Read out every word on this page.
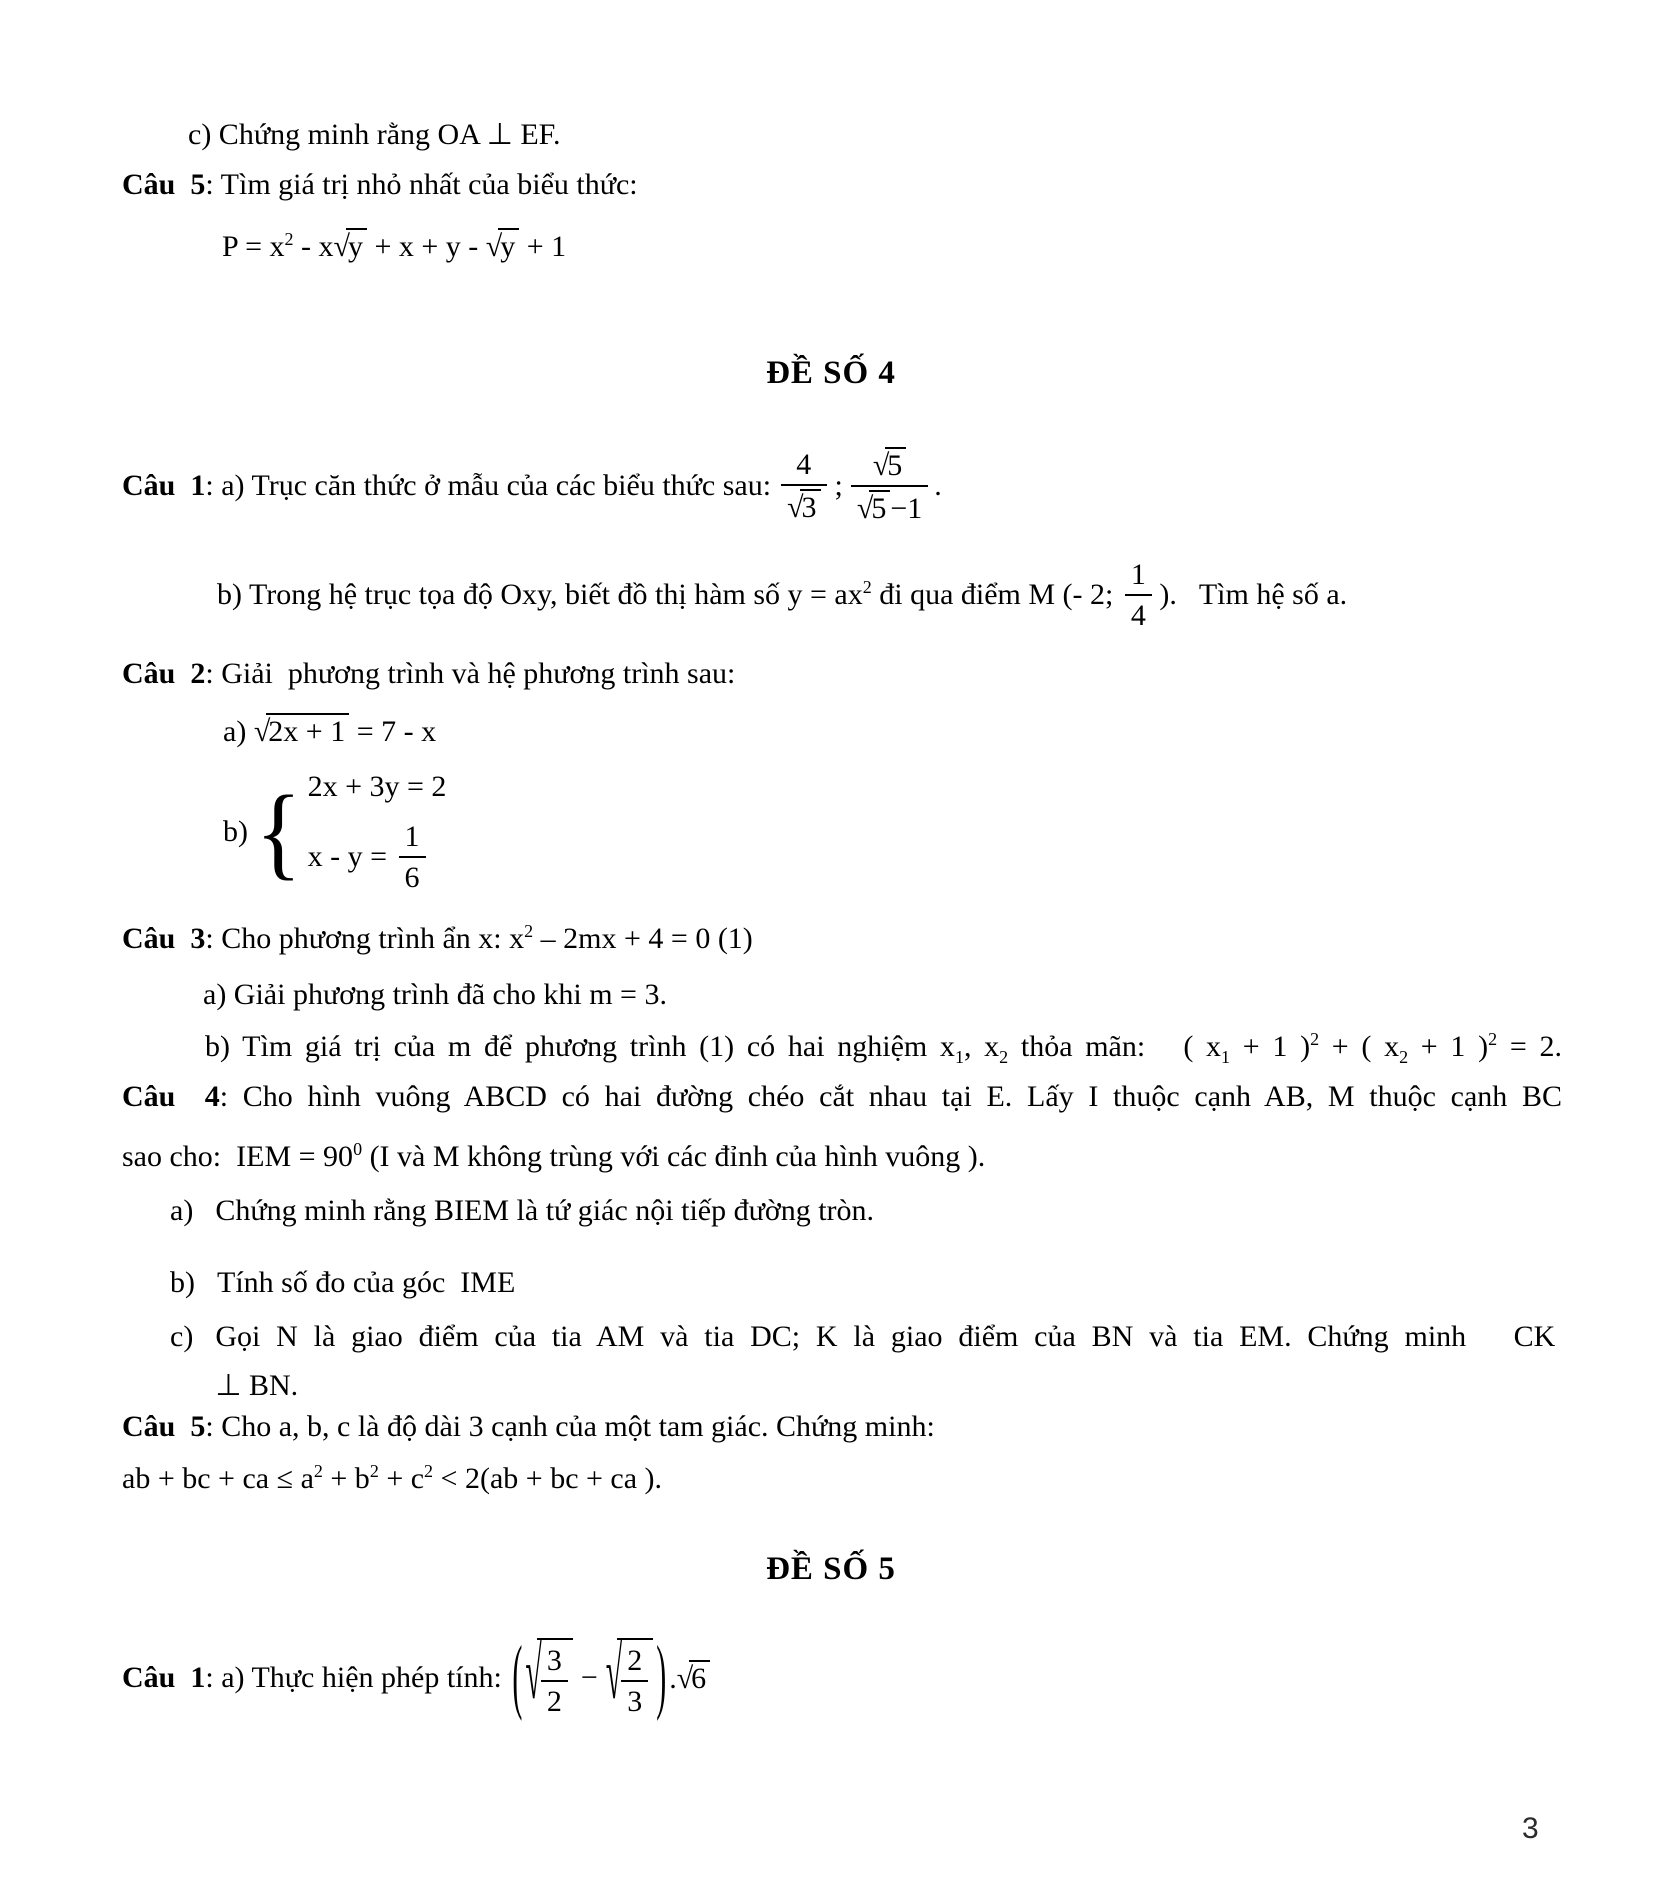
c) Chứng minh rằng OA ⊥ EF.
Câu  5: Tìm giá trị nhỏ nhất của biểu thức:
$P = x^2 - x√y + x + y - √y + 1$
ĐỀ SỐ 4
Câu  1: a) Trục căn thức ở mẫu của các biểu thức sau: $\frac{4}{√3}$ ; $\frac{√5}{√5 -1}$ .
b) Trong hệ trục tọa độ Oxy, biết đồ thị hàm số $y = ax^2$ đi qua điểm M (- 2; $\frac{1}{4}$ ).   Tìm hệ số a.
Câu  2: Giải  phương trình và hệ phương trình sau:
a) √2x + 1 = 7 - x
b) { 2x + 3y = 2
$x - y = \frac{1}{6}$
Câu  3: Cho phương trình ẩn x: $x^2 - 2mx + 4 = 0$ (1)
a) Giải phương trình đã cho khi m = 3.
b) Tìm giá trị của m để phương trình (1) có hai nghiệm $x_1$, $x_2$ thỏa mãn:   ( $x_1 + 1$ )$^2$ + ( $x_2 + 1$ )$^2$ = 2.
Câu  4: Cho hình vuông ABCD có hai đường chéo cắt nhau tại E. Lấy I thuộc cạnh AB, M thuộc cạnh BC
sao cho:  IEM = $90^0$ (I và M không trùng với các đỉnh của hình vuông ).
a) Chứng minh rằng BIEM là tứ giác nội tiếp đường tròn.
b) Tính số đo của góc  IME
c) Gọi N là giao điểm của tia AM và tia DC; K là giao điểm của BN và tia EM. Chứng minh   CK
⊥ BN.
Câu  5: Cho a, b, c là độ dài 3 cạnh của một tam giác. Chứng minh:
ab + bc + ca ≤ $a^2 + b^2 + c^2 < 2(ab$ + bc + ca ).
ĐỀ SỐ 5
Câu  1: a) Thực hiện phép tính: ( √ $\frac{3}{2}$ − √ $\frac{2}{3}$ ) .√6
3
